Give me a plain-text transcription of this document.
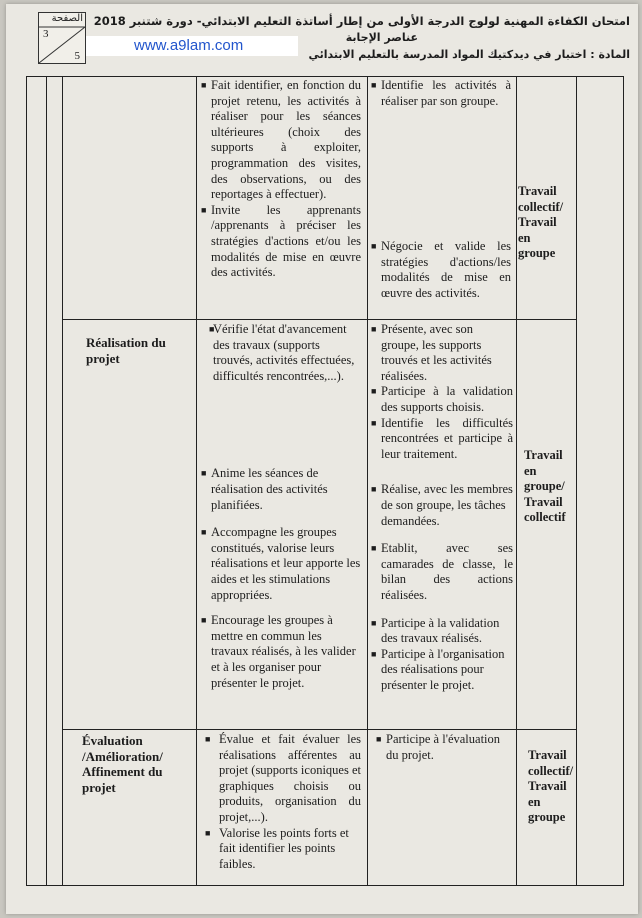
الصفحة
3
5
www.a9lam.com
امتحان الكفاءة المهنية لولوج الدرجة الأولى من إطار أساتذة التعليم الابتدائي- دورة شتنبر 2018
عناصر الإجابة
المادة : اختبار في ديدكتيك المواد المدرسة بالتعليم الابتدائي
■ Fait identifier, en fonction du projet retenu, les activités à réaliser pour les séances ultérieures (choix des supports à exploiter, programmation des visites, des observations, ou des reportages à effectuer).
■ Invite les apprenants /apprenants à préciser les stratégies d'actions et/ou les modalités de mise en œuvre des activités.
■ Identifie les activités à réaliser par son groupe.
■ Négocie et valide les stratégies d'actions/les modalités de mise en œuvre des activités.
Travail
collectif/
Travail
en
groupe
Réalisation du
projet
■
Vérifie l'état d'avancement des travaux (supports trouvés, activités effectuées, difficultés rencontrées,...).
■ Anime les séances de réalisation des activités planifiées.
■ Accompagne les groupes constitués, valorise leurs réalisations et leur apporte les aides et les stimulations appropriées.
■ Encourage les groupes à mettre en commun les travaux réalisés, à les valider et à les organiser pour présenter le projet.
■ Présente, avec son groupe, les supports trouvés et les activités réalisées.
■ Participe à la validation des supports choisis.
■ Identifie les difficultés rencontrées et participe à leur traitement.
■ Réalise, avec les membres de son groupe, les tâches demandées.
■ Etablit, avec ses camarades de classe, le bilan des actions réalisées.
■ Participe à la validation des travaux réalisés.
■ Participe à l'organisation des réalisations pour présenter le projet.
Travail
en
groupe/
Travail
collectif
Évaluation
/Amélioration/
Affinement du
projet
■ Évalue et fait évaluer les réalisations afférentes au projet (supports iconiques et graphiques choisis ou produits, organisation du projet,...).
■ Valorise les points forts et fait identifier les points faibles.
■ Participe à l'évaluation du projet.	Travail
collectif/
Travail
en
groupe
